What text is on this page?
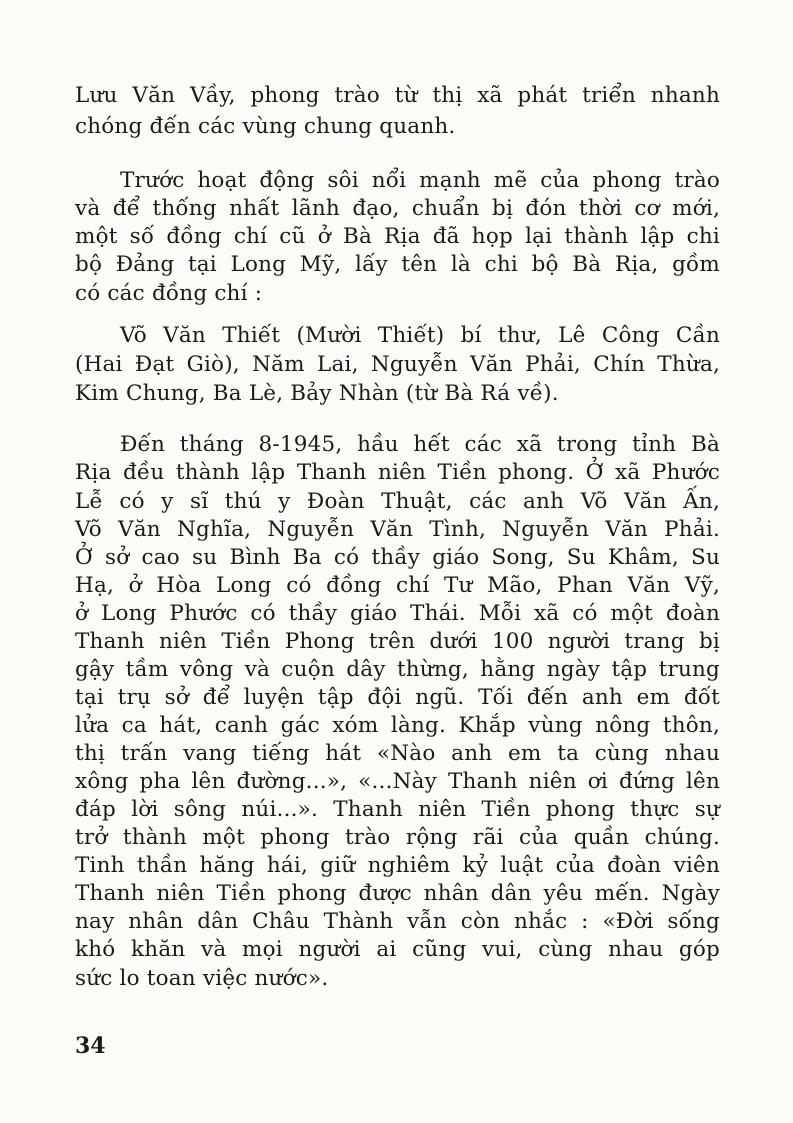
Lưu Văn Vầy, phong trào từ thị xã phát triển nhanh
chóng đến các vùng chung quanh.
Trước hoạt động sôi nổi mạnh mẽ của phong trào
và để thống nhất lãnh đạo, chuẩn bị đón thời cơ mới,
một số đồng chí cũ ở Bà Rịa đã họp lại thành lập chi
bộ Đảng tại Long Mỹ, lấy tên là chi bộ Bà Rịa, gồm
có các đồng chí :
Võ Văn Thiết (Mười Thiết) bí thư, Lê Công Cần
(Hai Đạt Giò), Năm Lai, Nguyễn Văn Phải, Chín Thừa,
Kim Chung, Ba Lè, Bảy Nhàn (từ Bà Rá về).
Đến tháng 8-1945, hầu hết các xã trong tỉnh Bà
Rịa đều thành lập Thanh niên Tiền phong. Ở xã Phước
Lễ có y sĩ thú y Đoàn Thuật, các anh Võ Văn Ấn,
Võ Văn Nghĩa, Nguyễn Văn Tình, Nguyễn Văn Phải.
Ở sở cao su Bình Ba có thầy giáo Song, Su Khâm, Su
Hạ, ở Hòa Long có đồng chí Tư Mão, Phan Văn Vỹ,
ở Long Phước có thầy giáo Thái. Mỗi xã có một đoàn
Thanh niên Tiền Phong trên dưới 100 người trang bị
gậy tầm vông và cuộn dây thừng, hằng ngày tập trung
tại trụ sở để luyện tập đội ngũ. Tối đến anh em đốt
lửa ca hát, canh gác xóm làng. Khắp vùng nông thôn,
thị trấn vang tiếng hát «Nào anh em ta cùng nhau
xông pha lên đường...», «...Này Thanh niên ơi đứng lên
đáp lời sông núi...». Thanh niên Tiền phong thực sự
trở thành một phong trào rộng rãi của quần chúng.
Tinh thần hăng hái, giữ nghiêm kỷ luật của đoàn viên
Thanh niên Tiền phong được nhân dân yêu mến. Ngày
nay nhân dân Châu Thành vẫn còn nhắc : «Đời sống
khó khăn và mọi người ai cũng vui, cùng nhau góp
sức lo toan việc nước».
34
